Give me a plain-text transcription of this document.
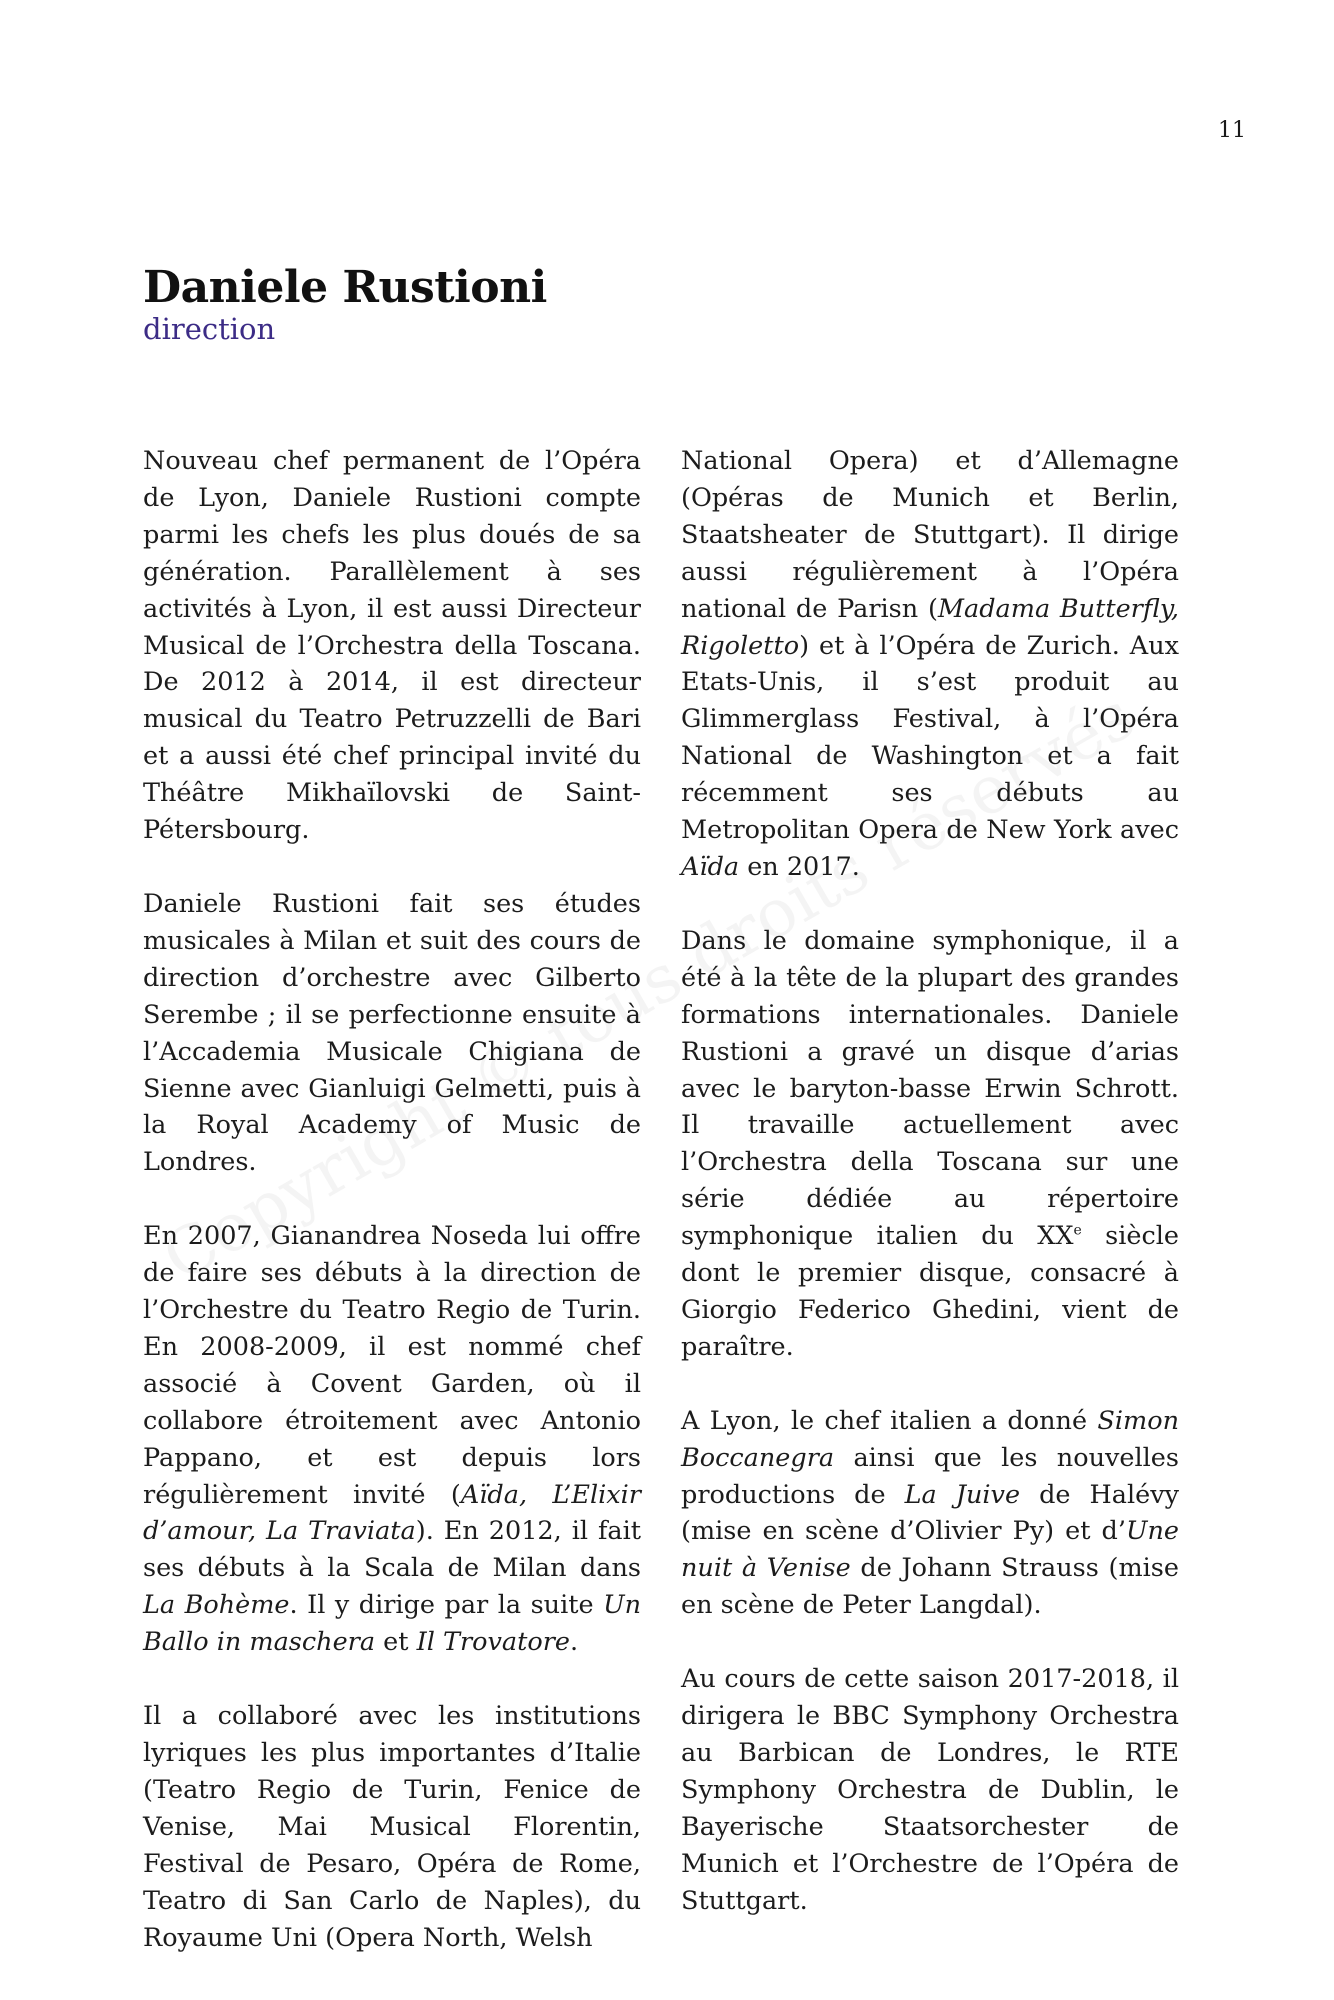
11
Daniele Rustioni
direction

Nouveau chef permanent de l’Opéra de Lyon, Daniele Rustioni compte parmi les chefs les plus doués de sa génération. Parallèlement à ses activités à Lyon, il est aussi Directeur Musical de l’Orchestra della Toscana. De 2012 à 2014, il est directeur musical du Teatro Petruzzelli de Bari et a aussi été chef principal invité du Théâtre Mikhaïlovski de Saint-Pétersbourg.

Daniele Rustioni fait ses études musicales à Milan et suit des cours de direction d’orchestre avec Gilberto Serembe ; il se perfectionne ensuite à l’Accademia Musicale Chigiana de Sienne avec Gianluigi Gelmetti, puis à la Royal Academy of Music de Londres.

En 2007, Gianandrea Noseda lui offre de faire ses débuts à la direction de l’Orchestre du Teatro Regio de Turin. En 2008-2009, il est nommé chef associé à Covent Garden, où il collabore étroitement avec Antonio Pappano, et est depuis lors régulièrement invité (Aïda, L’Elixir d’amour, La Traviata). En 2012, il fait ses débuts à la Scala de Milan dans La Bohème. Il y dirige par la suite Un Ballo in maschera et Il Trovatore.

Il a collaboré avec les institutions lyriques les plus importantes d’Italie (Teatro Regio de Turin, Fenice de Venise, Mai Musical Florentin, Festival de Pesaro, Opéra de Rome, Teatro di San Carlo de Naples), du Royaume Uni (Opera North, Welsh

National Opera) et d’Allemagne (Opéras de Munich et Berlin, Staatsheater de Stuttgart). Il dirige aussi régulièrement à l’Opéra national de Parisn (Madama Butterfly, Rigoletto) et à l’Opéra de Zurich. Aux Etats-Unis, il s’est produit au Glimmerglass Festival, à l’Opéra National de Washington et a fait récemment ses débuts au Metropolitan Opera de New York avec Aïda en 2017.

Dans le domaine symphonique, il a été à la tête de la plupart des grandes formations internationales. Daniele Rustioni a gravé un disque d’arias avec le baryton-basse Erwin Schrott. Il travaille actuellement avec l’Orchestra della Toscana sur une série dédiée au répertoire symphonique italien du XXe siècle dont le premier disque, consacré à Giorgio Federico Ghedini, vient de paraître.

A Lyon, le chef italien a donné Simon Boccanegra ainsi que les nouvelles productions de La Juive de Halévy (mise en scène d’Olivier Py) et d’Une nuit à Venise de Johann Strauss (mise en scène de Peter Langdal).

Au cours de cette saison 2017-2018, il dirigera le BBC Symphony Orchestra au Barbican de Londres, le RTE Symphony Orchestra de Dublin, le Bayerische Staatsorchester de Munich et l’Orchestre de l’Opéra de Stuttgart.
